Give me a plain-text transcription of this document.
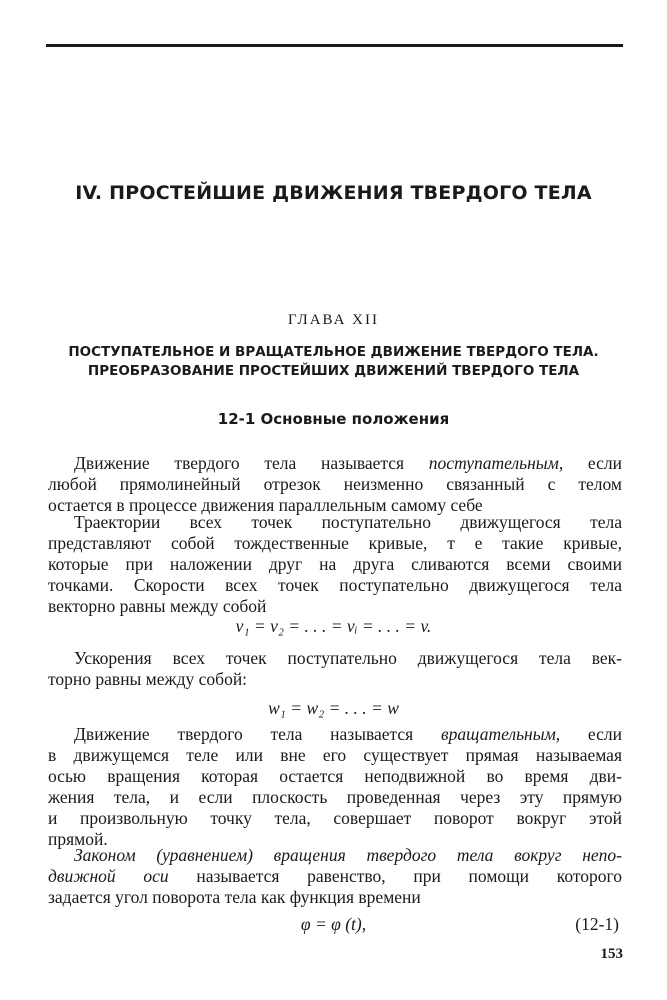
IV. ПРОСТЕЙШИЕ ДВИЖЕНИЯ ТВЕРДОГО ТЕЛА
ГЛАВА XII
ПОСТУПАТЕЛЬНОЕ И ВРАЩАТЕЛЬНОЕ ДВИЖЕНИЕ ТВЕРДОГО ТЕЛА.
ПРЕОБРАЗОВАНИЕ ПРОСТЕЙШИХ ДВИЖЕНИЙ ТВЕРДОГО ТЕЛА
12-1 Основные положения
Движение твердого тела называется поступательным, если
любой прямолинейный отрезок неизменно связанный с телом
остается в процессе движения параллельным самому себе
Траектории всех точек поступательно движущегося тела
представляют собой тождественные кривые, т е такие кривые,
которые при наложении друг на друга сливаются всеми своими
точками. Скорости всех точек поступательно движущегося тела
векторно равны между собой
v₁ = v₂ = . . . = vᵢ = . . . = v.
Ускорения всех точек поступательно движущегося тела век-
торно равны между собой:
w₁ = w₂ = . . . = w
Движение твердого тела называется вращательным, если
в движущемся теле или вне его существует прямая называемая
осью вращения которая остается неподвижной во время дви-
жения тела, и если плоскость проведенная через эту прямую
и произвольную точку тела, совершает поворот вокруг этой
прямой.
Законом (уравнением) вращения твердого тела вокруг непо-
движной оси называется равенство, при помощи которого
задается угол поворота тела как функция времени
φ = φ (t),	(12-1)
153
